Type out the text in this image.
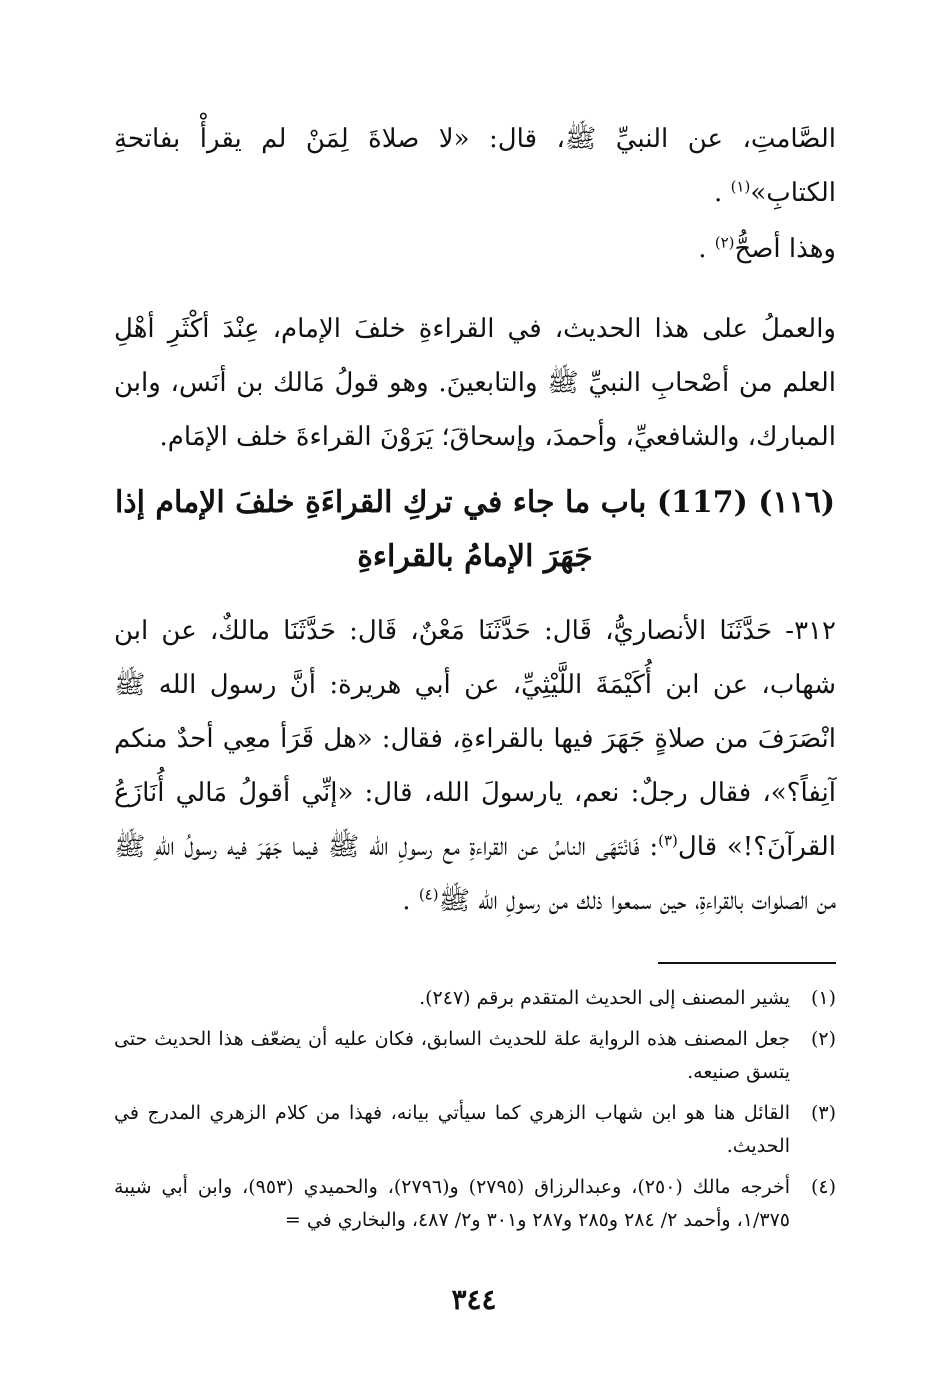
الصَّامتِ، عن النبيِّ ﷺ، قال: «لا صلاةَ لِمَنْ لم يقرأْ بفاتحةِ الكتابِ»$^{(١)}$ .

وهذا أصحُّ$^{(٢)}$ .

والعملُ على هذا الحديث، في القراءةِ خلفَ الإمام، عِنْدَ أكْثَرِ أهْلِ العلم من أصْحابِ النبيِّ ﷺ والتابعينَ. وهو قولُ مَالك بن أنَس، وابن المبارك، والشافعيِّ، وأحمدَ، وإسحاقَ؛ يَرَوْنَ القراءةَ خلف الإمَام.

(١١٦) (117) باب ما جاء في تركِ القراءَةِ خلفَ الإمام إذا جَهَرَ الإمامُ بالقراءةِ

٣١٢- حَدَّثَنَا الأنصاريُّ، قَال: حَدَّثَنَا مَعْنٌ، قَال: حَدَّثَنَا مالكٌ، عن ابن شهاب، عن ابن أُكَيْمَةَ اللَّيْثِيِّ، عن أبي هريرة: أنَّ رسول الله ﷺ انْصَرَفَ من صلاةٍ جَهَرَ فيها بالقراءةِ، فقال: «هل قَرَأ معِي أحدٌ منكم آنِفاً؟»، فقال رجلٌ: نعم، يارسولَ الله، قال: «إنِّي أقولُ مَالي أُنَازَعُ القرآنَ؟!» قال$^{(٣)}$: فَانْتَهَى الناسُ عن القراءةِ مع رسولِ الله ﷺ فيما جَهَرَ فيه رسولُ اللهِ ﷺ من الصلوات بالقراءةِ، حين سمعوا ذلك من رسولِ الله ﷺ$^{(٤)}$ .

(١)
يشير المصنف إلى الحديث المتقدم برقم (٢٤٧).
(٢)
جعل المصنف هذه الرواية علة للحديث السابق، فكان عليه أن يضعّف هذا الحديث حتى يتسق صنيعه.
(٣)
القائل هنا هو ابن شهاب الزهري كما سيأتي بيانه، فهذا من كلام الزهري المدرج في الحديث.
(٤)
أخرجه مالك (٢٥٠)، وعبدالرزاق (٢٧٩٥) و(٢٧٩٦)، والحميدي (٩٥٣)، وابن أبي شيبة ١/٣٧٥، وأحمد ٢/ ٢٨٤ و٢٨٥ و٢٨٧ و٣٠١ و٢/ ٤٨٧، والبخاري في =
٣٤٤
